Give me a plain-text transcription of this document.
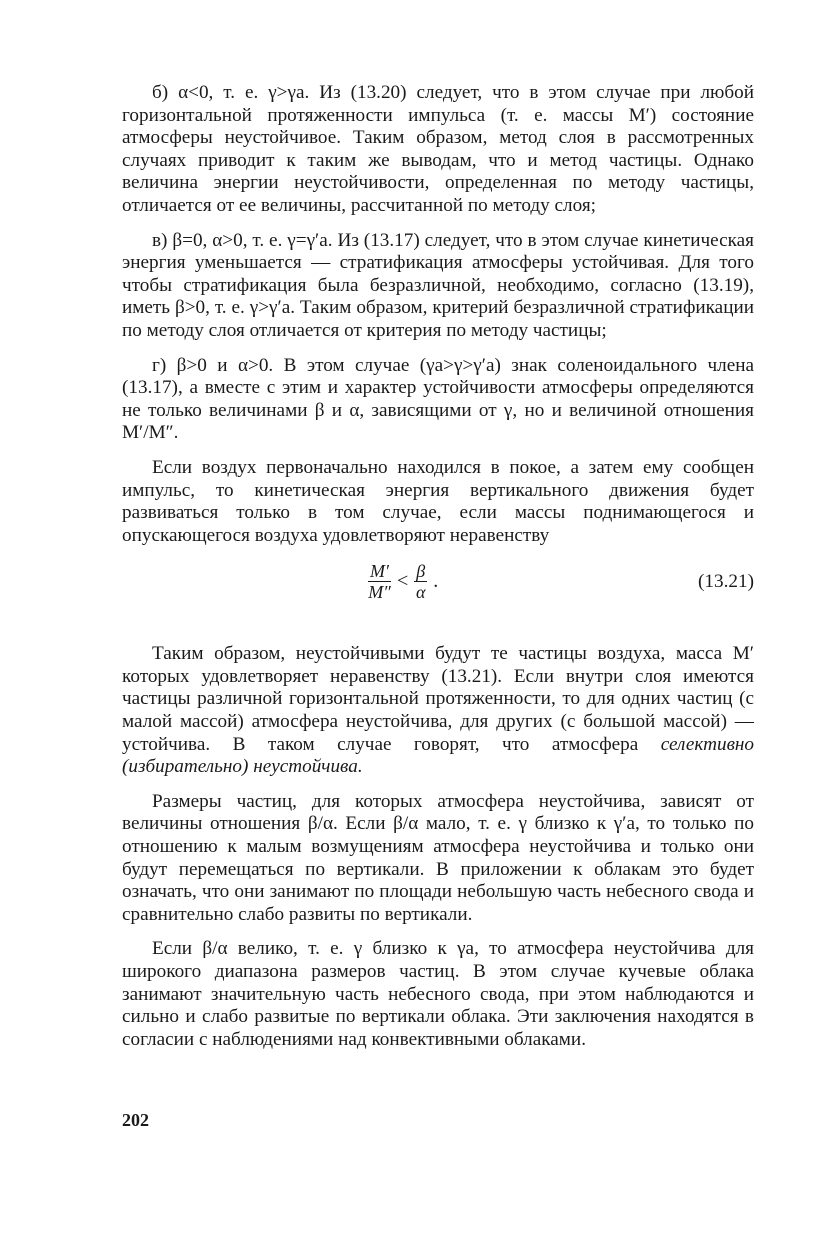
б) α<0, т. е. γ>γа. Из (13.20) следует, что в этом случае при любой горизонтальной протяженности импульса (т. е. массы M′) состояние атмосферы неустойчивое. Таким образом, метод слоя в рассмотренных случаях приводит к таким же выводам, что и метод частицы. Однако величина энергии неустойчивости, определенная по методу частицы, отличается от ее величины, рассчитанной по методу слоя;

в) β=0, α>0, т. е. γ=γ′а. Из (13.17) следует, что в этом случае кинетическая энергия уменьшается — стратификация атмосферы устойчивая. Для того чтобы стратификация была безразличной, необходимо, согласно (13.19), иметь β>0, т. е. γ>γ′а. Таким образом, критерий безразличной стратификации по методу слоя отличается от критерия по методу частицы;

г) β>0 и α>0. В этом случае (γа>γ>γ′а) знак соленоидального члена (13.17), а вместе с этим и характер устойчивости атмосферы определяются не только величинами β и α, зависящими от γ, но и величиной отношения M′/M″.

Если воздух первоначально находился в покое, а затем ему сообщен импульс, то кинетическая энергия вертикального движения будет развиваться только в том случае, если массы поднимающегося и опускающегося воздуха удовлетворяют неравенству

$\frac{M'}{M''} < \frac{\beta}{\alpha}$ .	(13.21)

Таким образом, неустойчивыми будут те частицы воздуха, масса M′ которых удовлетворяет неравенству (13.21). Если внутри слоя имеются частицы различной горизонтальной протяженности, то для одних частиц (с малой массой) атмосфера неустойчива, для других (с большой массой) — устойчива. В таком случае говорят, что атмосфера селективно (избирательно) неустойчива.

Размеры частиц, для которых атмосфера неустойчива, зависят от величины отношения β/α. Если β/α мало, т. е. γ близко к γ′а, то только по отношению к малым возмущениям атмосфера неустойчива и только они будут перемещаться по вертикали. В приложении к облакам это будет означать, что они занимают по площади небольшую часть небесного свода и сравнительно слабо развиты по вертикали.

Если β/α велико, т. е. γ близко к γа, то атмосфера неустойчива для широкого диапазона размеров частиц. В этом случае кучевые облака занимают значительную часть небесного свода, при этом наблюдаются и сильно и слабо развитые по вертикали облака. Эти заключения находятся в согласии с наблюдениями над конвективными облаками.

202
